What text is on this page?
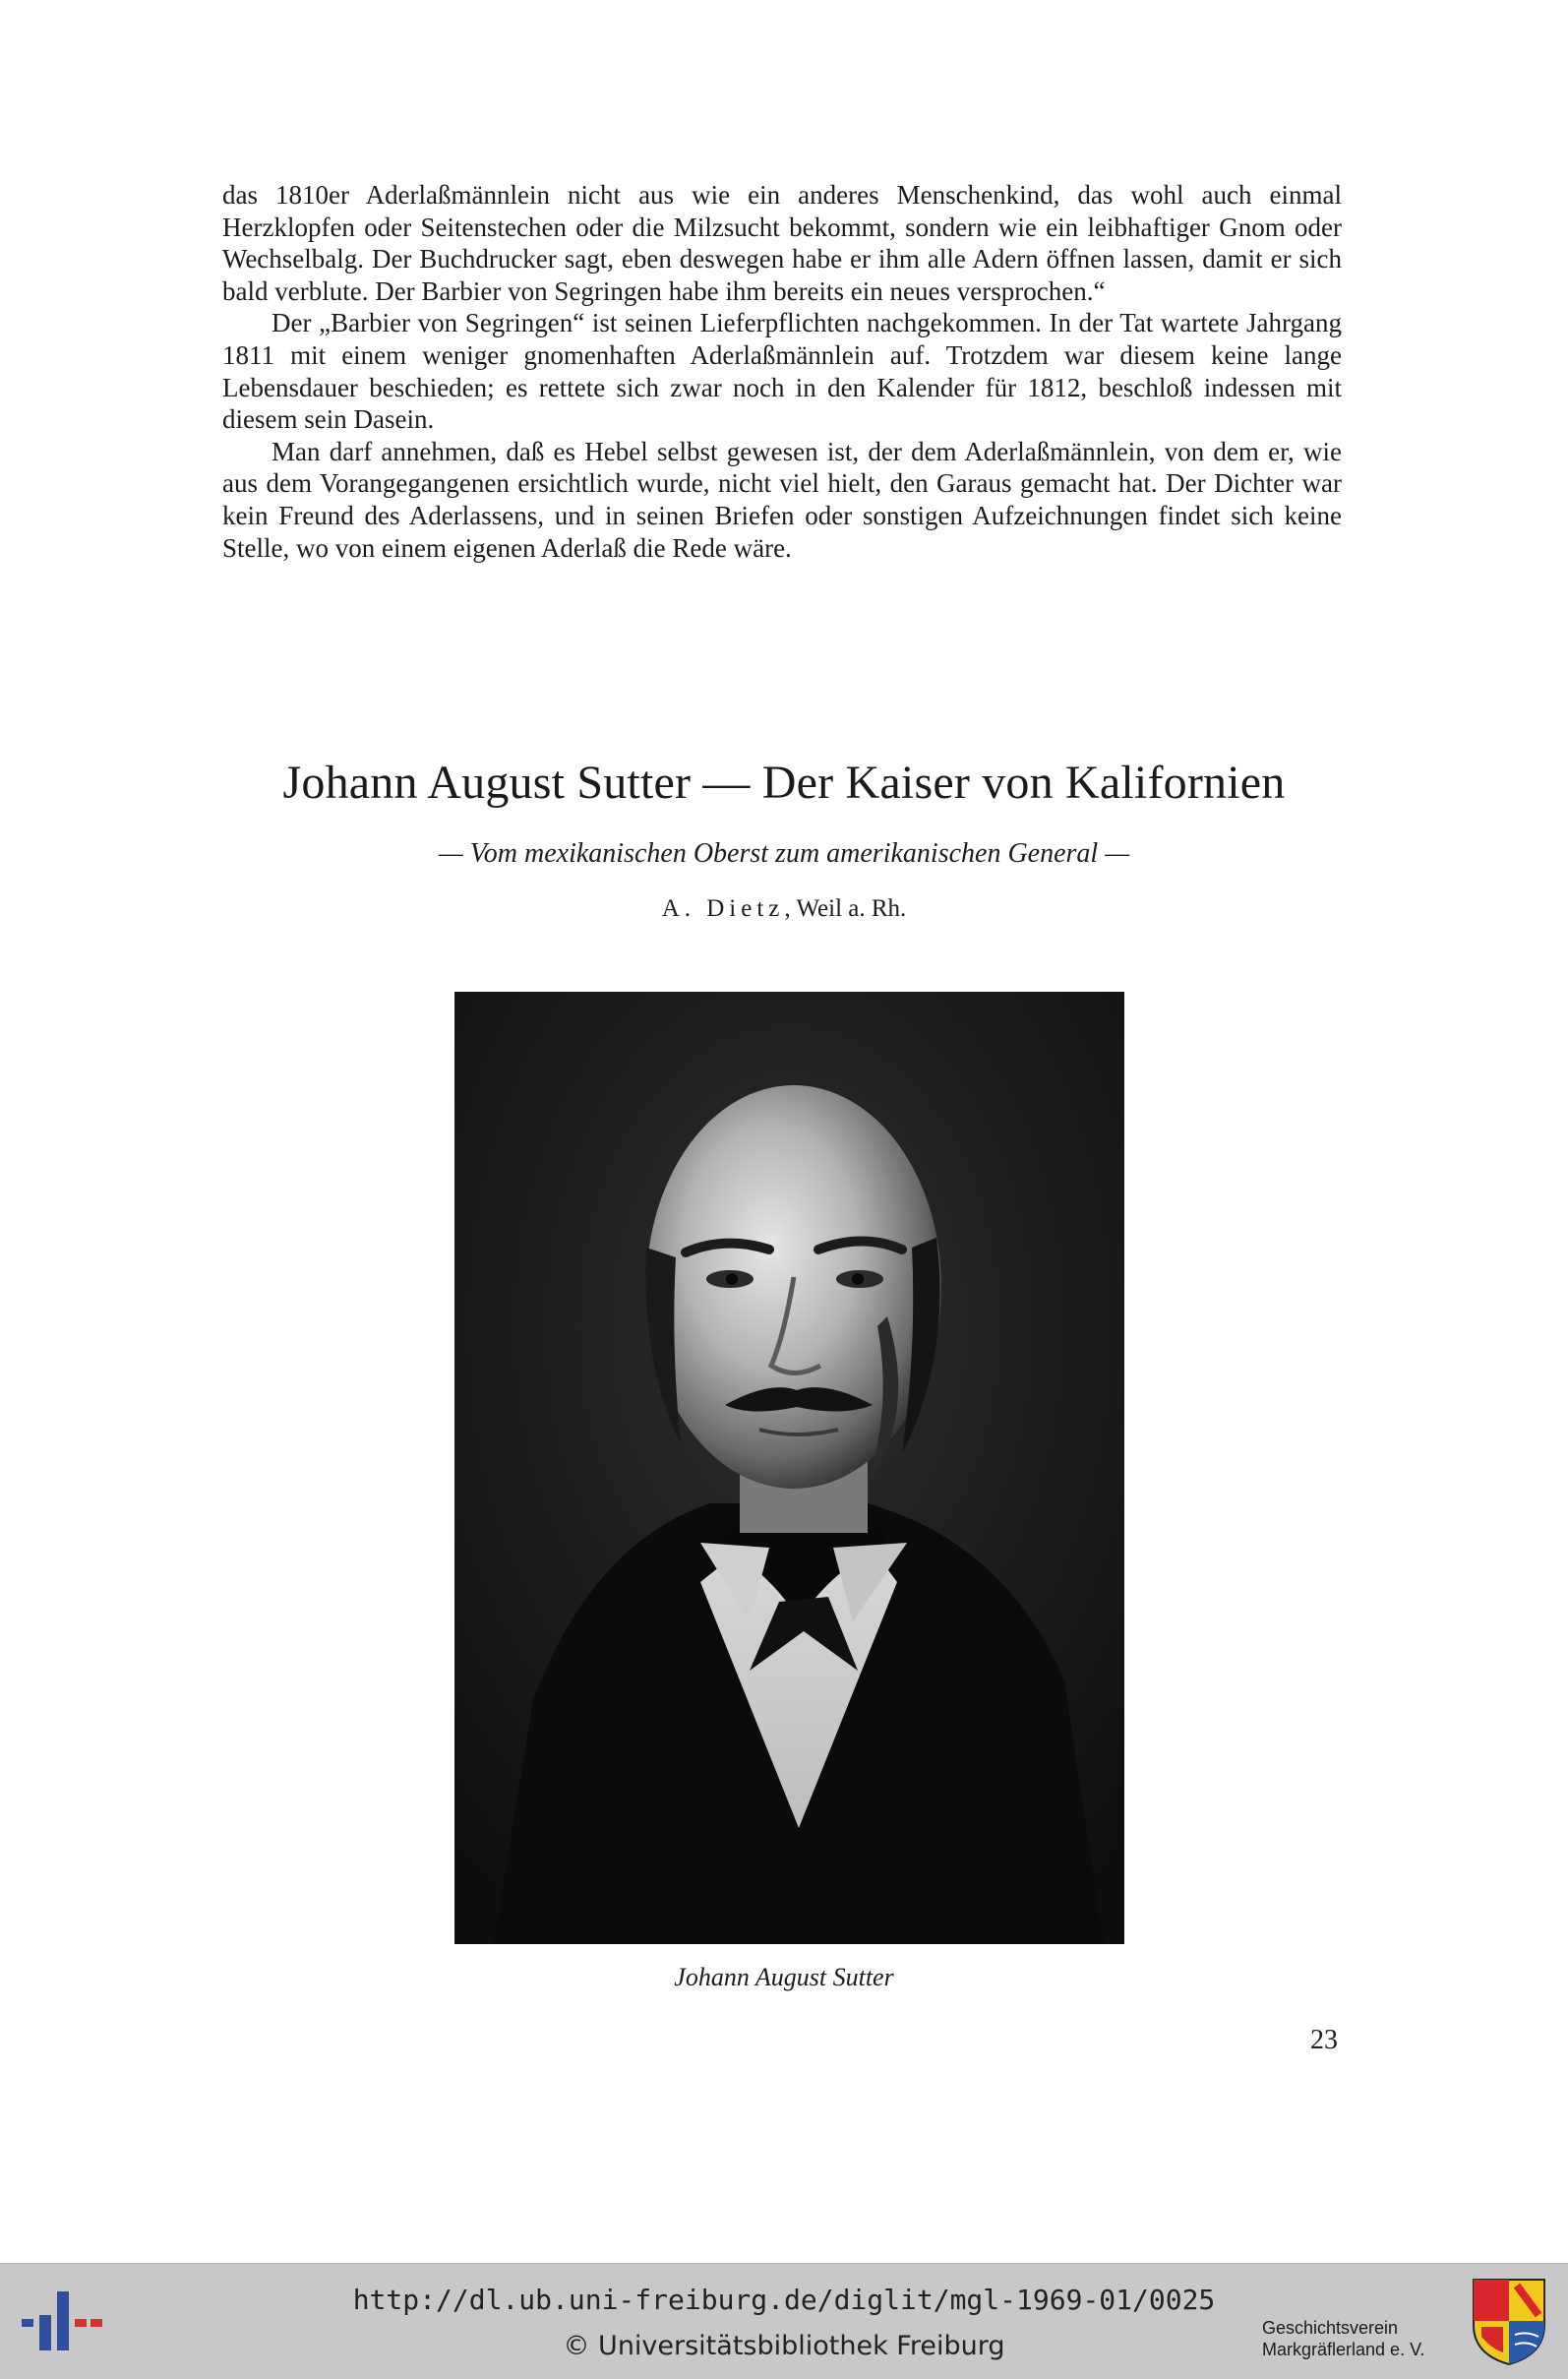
das 1810er Aderlaßmännlein nicht aus wie ein anderes Menschenkind, das wohl auch einmal Herzklopfen oder Seitenstechen oder die Milzsucht bekommt, sondern wie ein leibhaftiger Gnom oder Wechselbalg. Der Buchdrucker sagt, eben deswegen habe er ihm alle Adern öffnen lassen, damit er sich bald verblute. Der Barbier von Segringen habe ihm bereits ein neues versprochen.“

Der „Barbier von Segringen“ ist seinen Lieferpflichten nachgekommen. In der Tat wartete Jahrgang 1811 mit einem weniger gnomenhaften Aderlaßmännlein auf. Trotzdem war diesem keine lange Lebensdauer beschieden; es rettete sich zwar noch in den Kalender für 1812, beschloß indessen mit diesem sein Dasein.

Man darf annehmen, daß es Hebel selbst gewesen ist, der dem Aderlaßmännlein, von dem er, wie aus dem Vorangegangenen ersichtlich wurde, nicht viel hielt, den Garaus gemacht hat. Der Dichter war kein Freund des Aderlassens, und in seinen Briefen oder sonstigen Aufzeichnungen findet sich keine Stelle, wo von einem eigenen Aderlaß die Rede wäre.

Johann August Sutter — Der Kaiser von Kalifornien
— Vom mexikanischen Oberst zum amerikanischen General —
A. Dietz, Weil a. Rh.
Johann August Sutter
23
http://dl.ub.uni-freiburg.de/diglit/mgl-1969-01/0025
© Universitätsbibliothek Freiburg
Geschichtsverein
Markgräflerland e. V.
